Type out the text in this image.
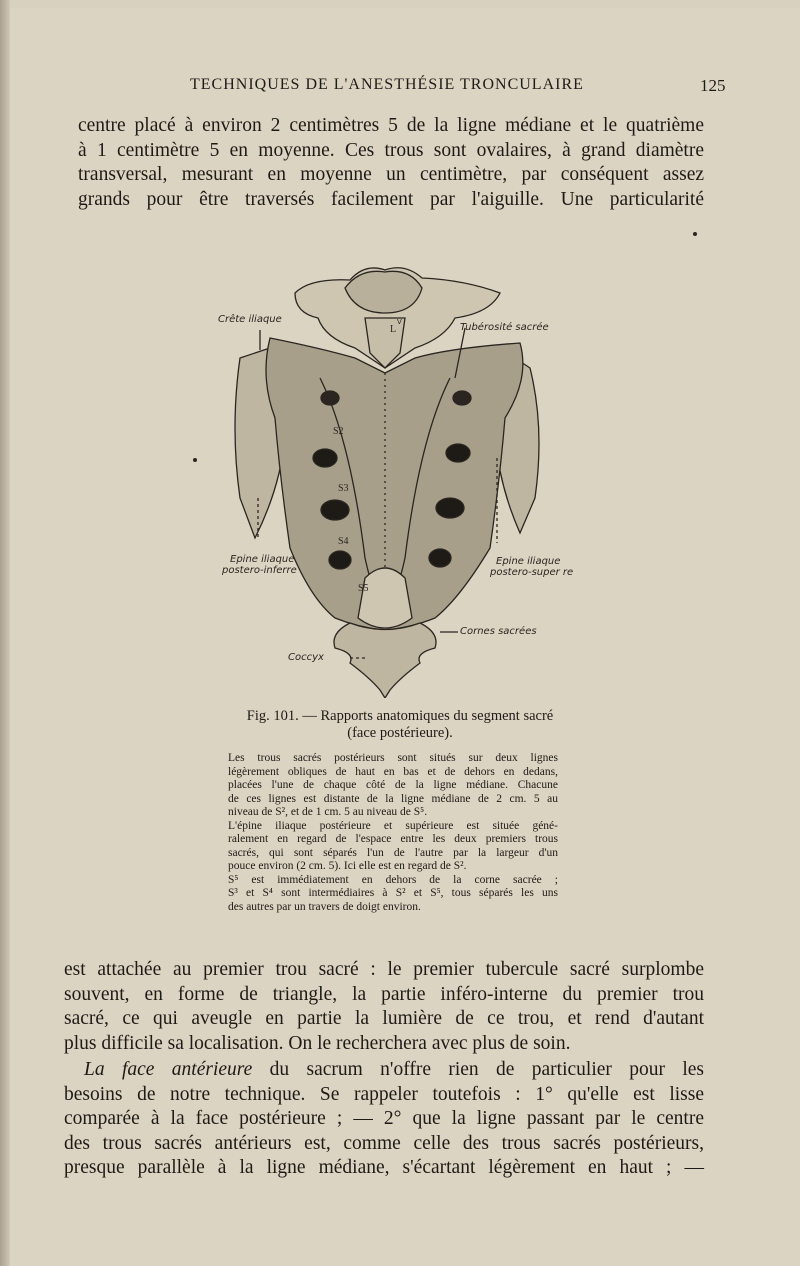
TECHNIQUES DE L'ANESTHÉSIE TRONCULAIRE	125
centre placé à environ 2 centimètres 5 de la ligne médiane et le quatrième
à 1 centimètre 5 en moyenne. Ces trous sont ovalaires, à grand diamètre
transversal, mesurant en moyenne un centimètre, par conséquent assez
grands pour être traversés facilement par l'aiguille. Une particularité
Crête iliaque
Tubérosité sacrée
L
V
S2
S3
S4
S5
Epine iliaque
postero-inferre
Epine iliaque
postero-super re
Cornes sacrées
Coccyx
Fig. 101. — Rapports anatomiques du segment sacré
(face postérieure).
Les trous sacrés postérieurs sont situés sur deux lignes
légèrement obliques de haut en bas et de dehors en dedans,
placées l'une de chaque côté de la ligne médiane. Chacune
de ces lignes est distante de la ligne médiane de 2 cm. 5 au
niveau de S², et de 1 cm. 5 au niveau de S⁵.
L'épine iliaque postérieure et supérieure est située géné-
ralement en regard de l'espace entre les deux premiers trous
sacrés, qui sont séparés l'un de l'autre par la largeur d'un
pouce environ (2 cm. 5). Ici elle est en regard de S².
S⁵ est immédiatement en dehors de la corne sacrée ;
S³ et S⁴ sont intermédiaires à S² et S⁵, tous séparés les uns
des autres par un travers de doigt environ.
est attachée au premier trou sacré : le premier tubercule sacré surplombe
souvent, en forme de triangle, la partie inféro-interne du premier trou
sacré, ce qui aveugle en partie la lumière de ce trou, et rend d'autant
plus difficile sa localisation. On le recherchera avec plus de soin.
La face antérieure du sacrum n'offre rien de particulier pour les
besoins de notre technique. Se rappeler toutefois : 1° qu'elle est lisse
comparée à la face postérieure ; — 2° que la ligne passant par le centre
des trous sacrés antérieurs est, comme celle des trous sacrés postérieurs,
presque parallèle à la ligne médiane, s'écartant légèrement en haut ; —
